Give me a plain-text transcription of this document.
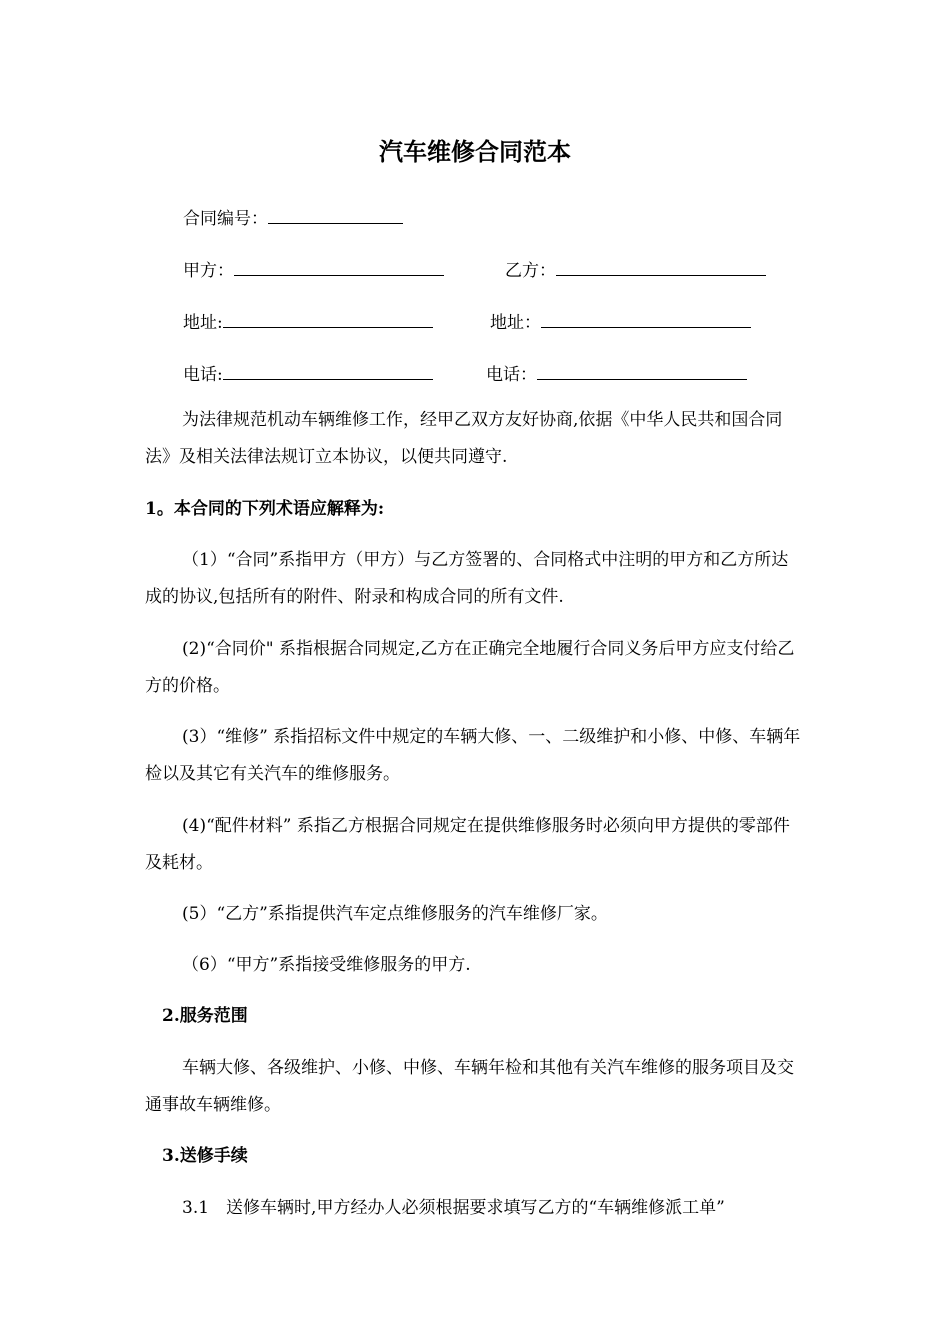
汽车维修合同范本
合同编号：
甲方：	乙方：
地址:	地址：
电话:	电话：
为法律规范机动车辆维修工作，经甲乙双方友好协商,依据《中华人民共和国合同法》及相关法律法规订立本协议，以便共同遵守.
1。本合同的下列术语应解释为:
（1）“合同”系指甲方（甲方）与乙方签署的、合同格式中注明的甲方和乙方所达成的协议,包括所有的附件、附录和构成合同的所有文件.
(2)“合同价" 系指根据合同规定,乙方在正确完全地履行合同义务后甲方应支付给乙方的价格。
(3）“维修” 系指招标文件中规定的车辆大修、一、二级维护和小修、中修、车辆年检以及其它有关汽车的维修服务。
(4)“配件材料” 系指乙方根据合同规定在提供维修服务时必须向甲方提供的零部件及耗材。
(5）“乙方”系指提供汽车定点维修服务的汽车维修厂家。
（6）“甲方”系指接受维修服务的甲方.
2.服务范围
车辆大修、各级维护、小修、中修、车辆年检和其他有关汽车维修的服务项目及交通事故车辆维修。
3.送修手续
3.1　送修车辆时,甲方经办人必须根据要求填写乙方的“车辆维修派工单”
